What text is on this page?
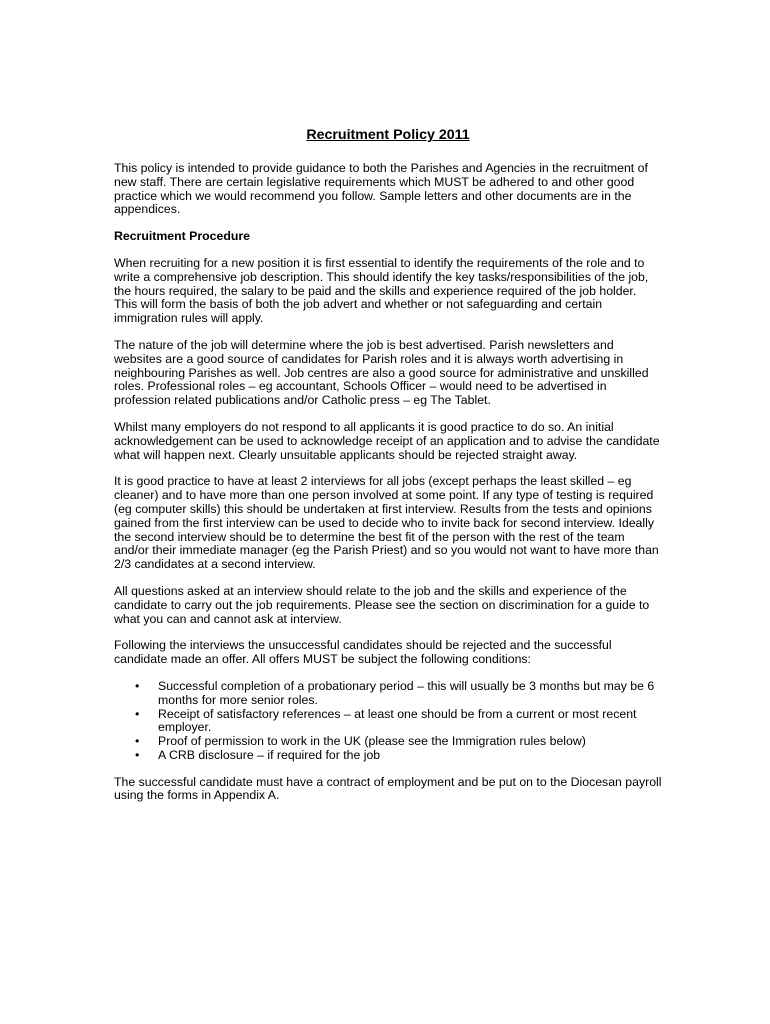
Recruitment Policy 2011

This policy is intended to provide guidance to both the Parishes and Agencies in the recruitment of new staff. There are certain legislative requirements which MUST be adhered to and other good practice which we would recommend you follow. Sample letters and other documents are in the appendices.

Recruitment Procedure

When recruiting for a new position it is first essential to identify the requirements of the role and to write a comprehensive job description. This should identify the key tasks/responsibilities of the job, the hours required, the salary to be paid and the skills and experience required of the job holder. This will form the basis of both the job advert and whether or not safeguarding and certain immigration rules will apply.

The nature of the job will determine where the job is best advertised. Parish newsletters and websites are a good source of candidates for Parish roles and it is always worth advertising in neighbouring Parishes as well. Job centres are also a good source for administrative and unskilled roles. Professional roles – eg accountant, Schools Officer – would need to be advertised in profession related publications and/or Catholic press – eg The Tablet.

Whilst many employers do not respond to all applicants it is good practice to do so. An initial acknowledgement can be used to acknowledge receipt of an application and to advise the candidate what will happen next. Clearly unsuitable applicants should be rejected straight away.

It is good practice to have at least 2 interviews for all jobs (except perhaps the least skilled – eg cleaner) and to have more than one person involved at some point. If any type of testing is required (eg computer skills) this should be undertaken at first interview. Results from the tests and opinions gained from the first interview can be used to decide who to invite back for second interview. Ideally the second interview should be to determine the best fit of the person with the rest of the team and/or their immediate manager (eg the Parish Priest) and so you would not want to have more than 2/3 candidates at a second interview.

All questions asked at an interview should relate to the job and the skills and experience of the candidate to carry out the job requirements. Please see the section on discrimination for a guide to what you can and cannot ask at interview.

Following the interviews the unsuccessful candidates should be rejected and the successful candidate made an offer. All offers MUST be subject the following conditions:

• Successful completion of a probationary period – this will usually be 3 months but may be 6 months for more senior roles.
• Receipt of satisfactory references – at least one should be from a current or most recent employer.
• Proof of permission to work in the UK (please see the Immigration rules below)
• A CRB disclosure – if required for the job

The successful candidate must have a contract of employment and be put on to the Diocesan payroll using the forms in Appendix A.
